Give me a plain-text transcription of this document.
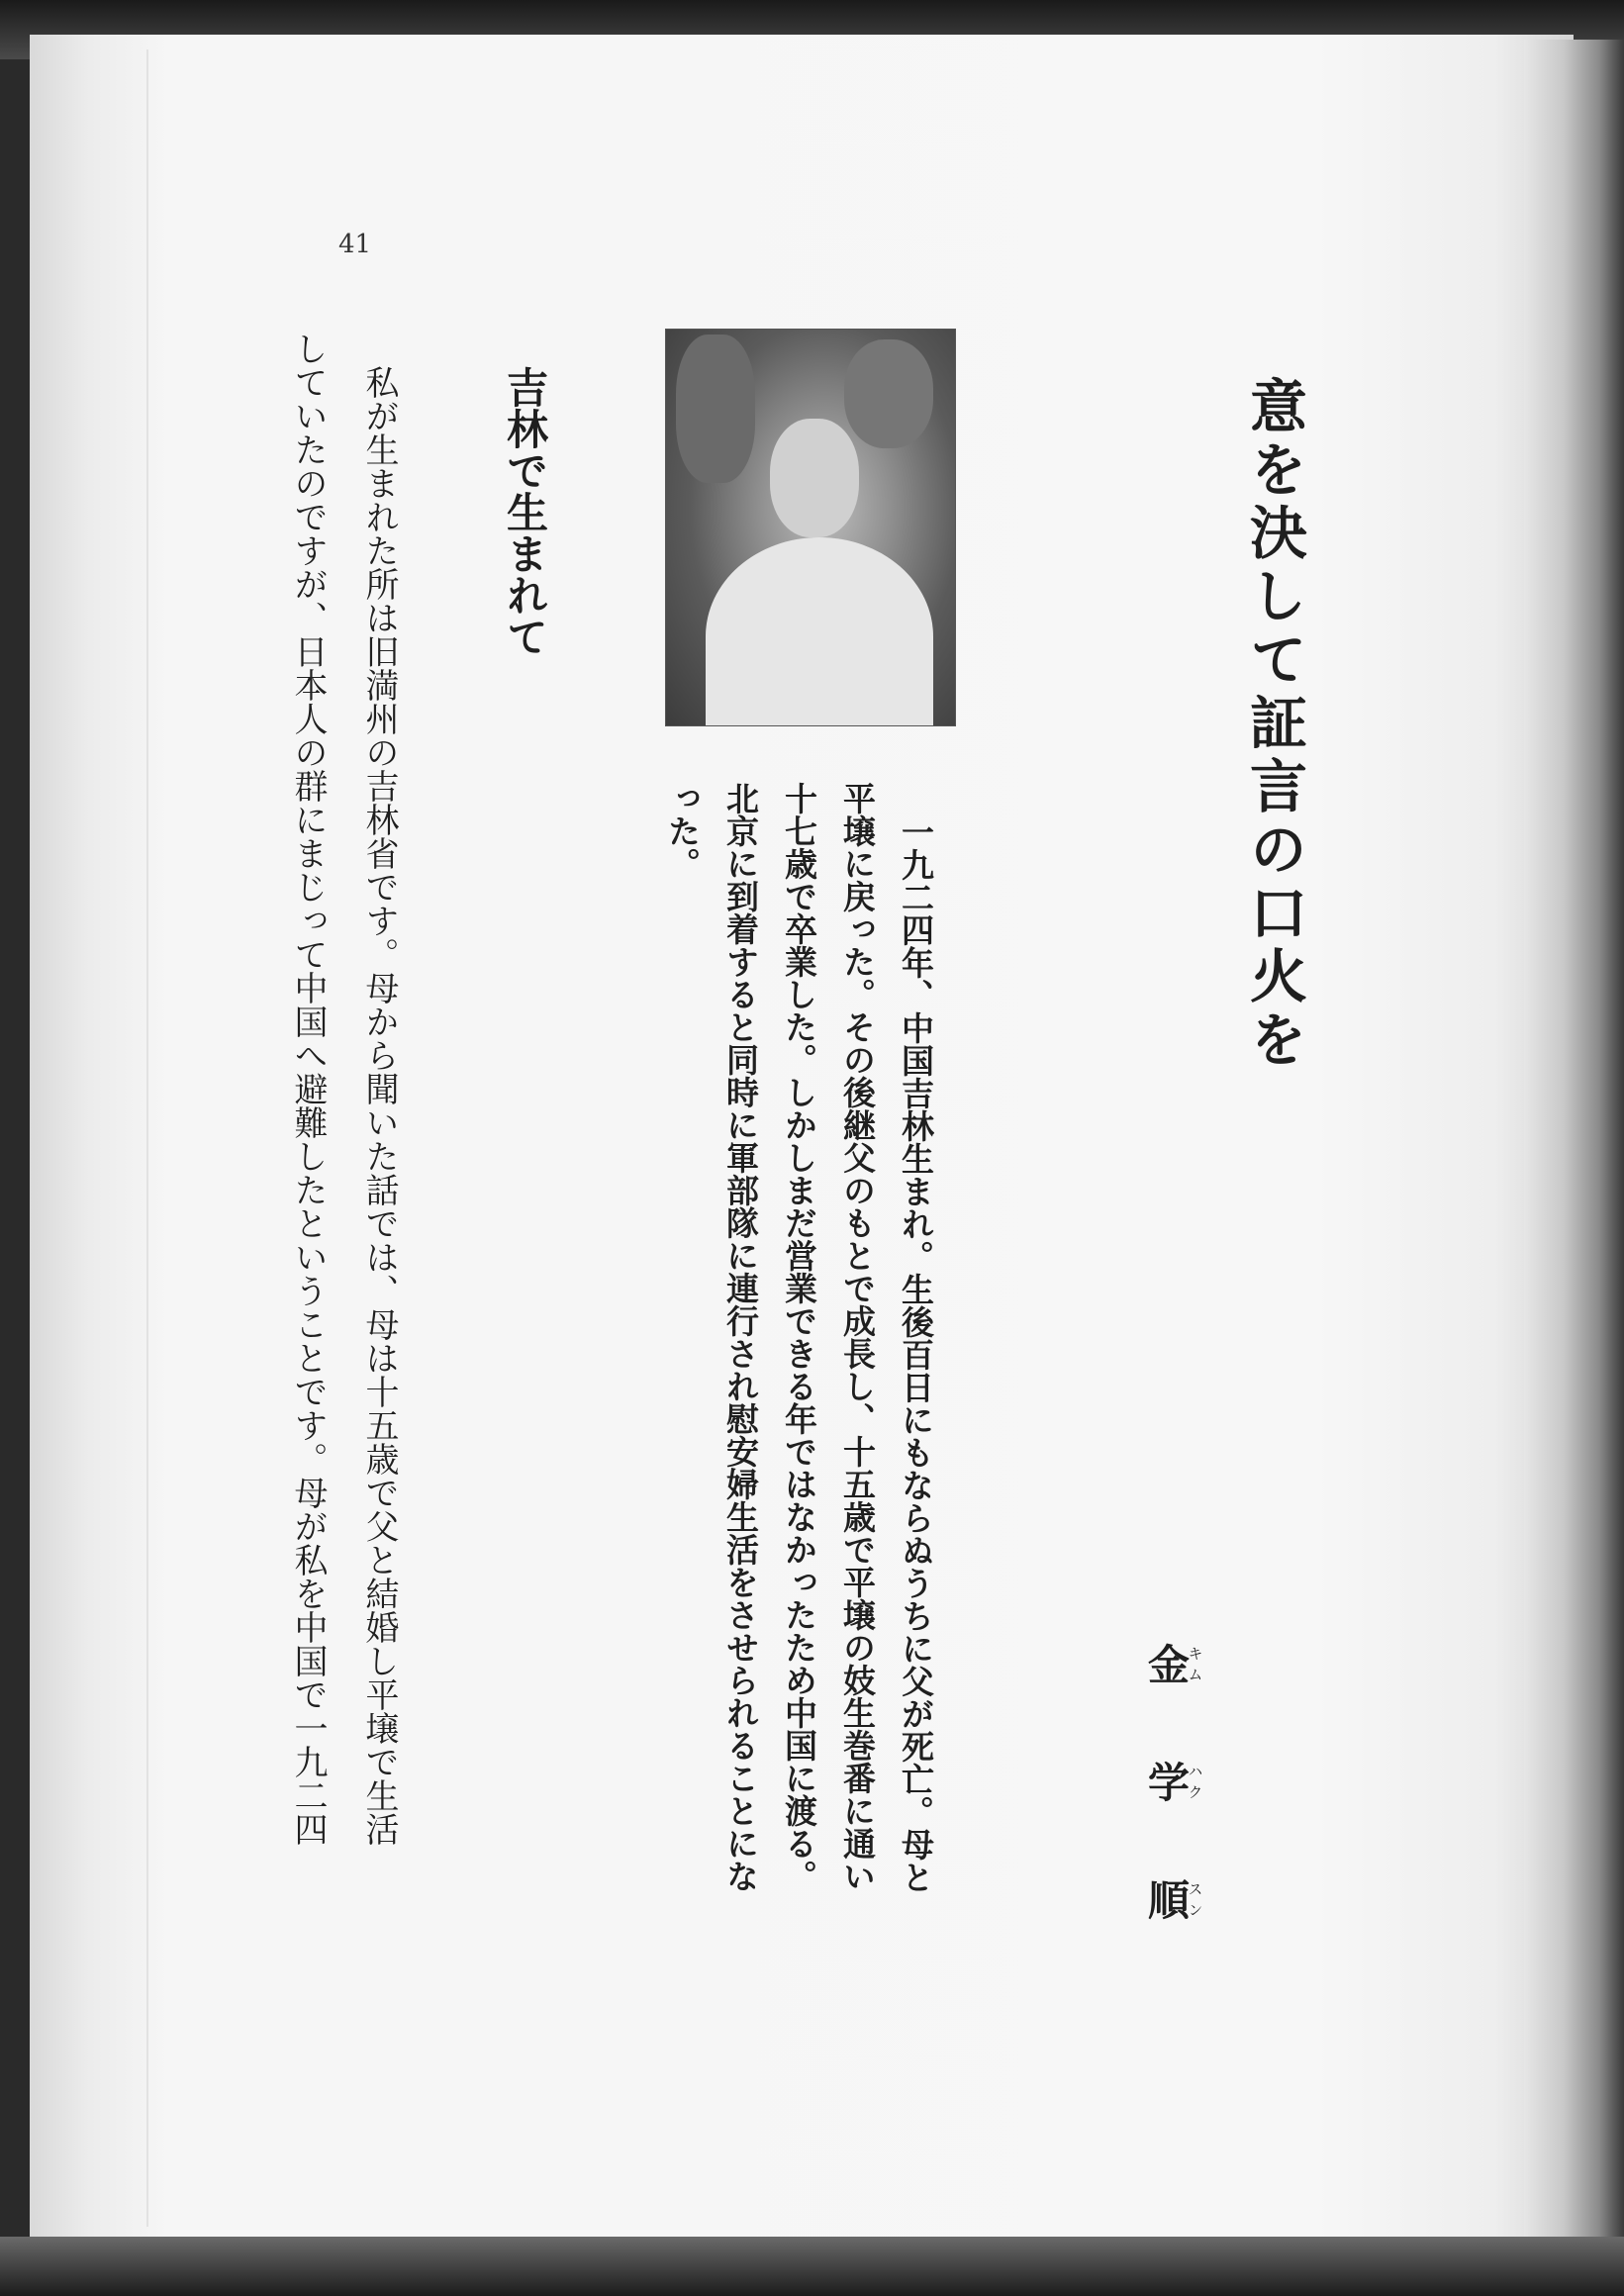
41
意を決して証言の口火を
金キム 学ハク 順スン
一九二四年、中国吉林生まれ。生後百日にもならぬうちに父が死亡。母と
平壌に戻った。その後継父のもとで成長し、十五歳で平壌の妓生巻番に通い
十七歳で卒業した。しかしまだ営業できる年ではなかったため中国に渡る。
北京に到着すると同時に軍部隊に連行され慰安婦生活をさせられることにな
った。
吉林で生まれて
私が生まれた所は旧満州の吉林省です。母から聞いた話では、母は十五歳で父と結婚し平壌で生活
していたのですが、日本人の群にまじって中国へ避難したということです。母が私を中国で一九二四
